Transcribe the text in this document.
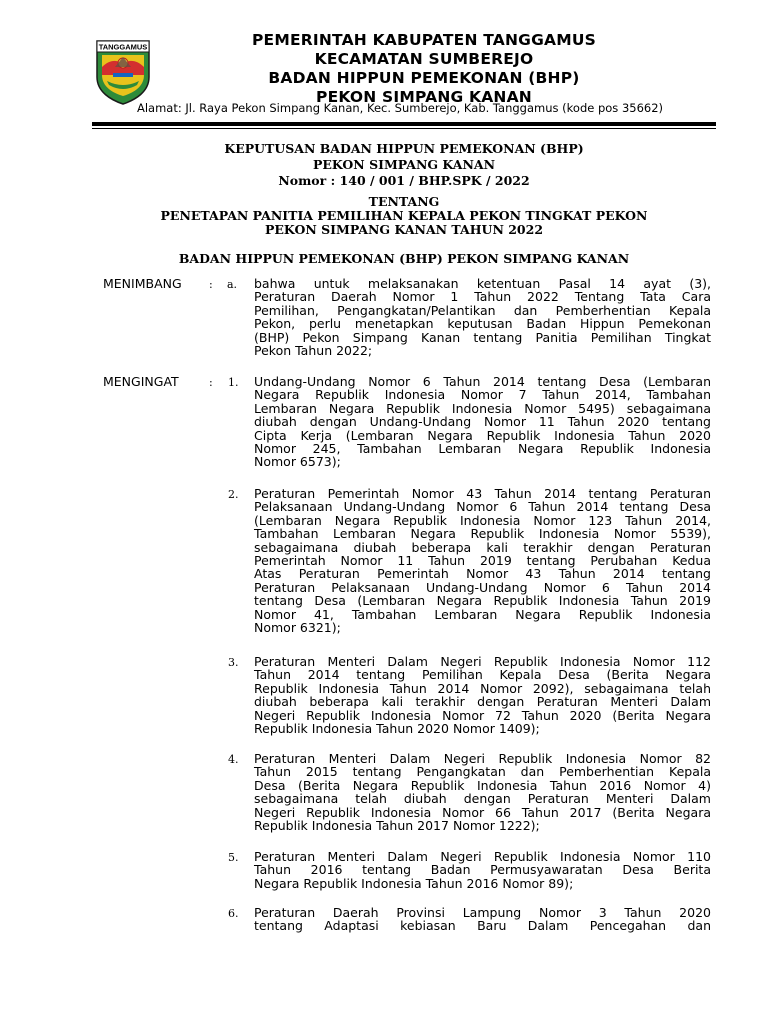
TANGGAMUS	PEMERINTAH KABUPATEN TANGGAMUS
KECAMATAN SUMBEREJO
BADAN HIPPUN PEMEKONAN (BHP)
PEKON SIMPANG KANAN
Alamat: Jl. Raya Pekon Simpang Kanan, Kec. Sumberejo, Kab. Tanggamus (kode pos 35662)
KEPUTUSAN BADAN HIPPUN PEMEKONAN (BHP)
PEKON SIMPANG KANAN
Nomor : 140 / 001 / BHP.SPK / 2022
TENTANG
PENETAPAN PANITIA PEMILIHAN KEPALA PEKON TINGKAT PEKON
PEKON SIMPANG KANAN TAHUN 2022
BADAN HIPPUN PEMEKONAN (BHP) PEKON SIMPANG KANAN
MENIMBANG : a.	bahwa untuk melaksanakan ketentuan Pasal 14 ayat (3),
Peraturan Daerah Nomor 1 Tahun 2022 Tentang Tata Cara
Pemilihan, Pengangkatan/Pelantikan dan Pemberhentian Kepala
Pekon, perlu menetapkan keputusan Badan Hippun Pemekonan
(BHP) Pekon Simpang Kanan tentang Panitia Pemilihan Tingkat
Pekon Tahun 2022;
MENGINGAT	: 1. Undang-Undang Nomor 6 Tahun 2014 tentang Desa (Lembaran
Negara Republik Indonesia Nomor 7 Tahun 2014, Tambahan
Lembaran Negara Republik Indonesia Nomor 5495) sebagaimana
diubah dengan Undang-Undang Nomor 11 Tahun 2020 tentang
Cipta Kerja (Lembaran Negara Republik Indonesia Tahun 2020
Nomor 245, Tambahan Lembaran Negara Republik Indonesia
Nomor 6573);
2. Peraturan Pemerintah Nomor 43 Tahun 2014 tentang Peraturan
Pelaksanaan Undang-Undang Nomor 6 Tahun 2014 tentang Desa
(Lembaran Negara Republik Indonesia Nomor 123 Tahun 2014,
Tambahan Lembaran Negara Republik Indonesia Nomor 5539),
sebagaimana diubah beberapa kali terakhir dengan Peraturan
Pemerintah Nomor 11 Tahun 2019 tentang Perubahan Kedua
Atas Peraturan Pemerintah Nomor 43 Tahun 2014 tentang
Peraturan Pelaksanaan Undang-Undang Nomor 6 Tahun 2014
tentang Desa (Lembaran Negara Republik Indonesia Tahun 2019
Nomor 41, Tambahan Lembaran Negara Republik Indonesia
Nomor 6321);
3. Peraturan Menteri Dalam Negeri Republik Indonesia Nomor 112
Tahun 2014 tentang Pemilihan Kepala Desa (Berita Negara
Republik Indonesia Tahun 2014 Nomor 2092), sebagaimana telah
diubah beberapa kali terakhir dengan Peraturan Menteri Dalam
Negeri Republik Indonesia Nomor 72 Tahun 2020 (Berita Negara
Republik Indonesia Tahun 2020 Nomor 1409);
4. Peraturan Menteri Dalam Negeri Republik Indonesia Nomor 82
Tahun 2015 tentang Pengangkatan dan Pemberhentian Kepala
Desa (Berita Negara Republik Indonesia Tahun 2016 Nomor 4)
sebagaimana telah diubah dengan Peraturan Menteri Dalam
Negeri Republik Indonesia Nomor 66 Tahun 2017 (Berita Negara
Republik Indonesia Tahun 2017 Nomor 1222);
5. Peraturan Menteri Dalam Negeri Republik Indonesia Nomor 110
Tahun 2016 tentang Badan Permusyawaratan Desa Berita
Negara Republik Indonesia Tahun 2016 Nomor 89);
6. Peraturan Daerah Provinsi Lampung Nomor 3 Tahun 2020
tentang Adaptasi kebiasan Baru Dalam Pencegahan dan
